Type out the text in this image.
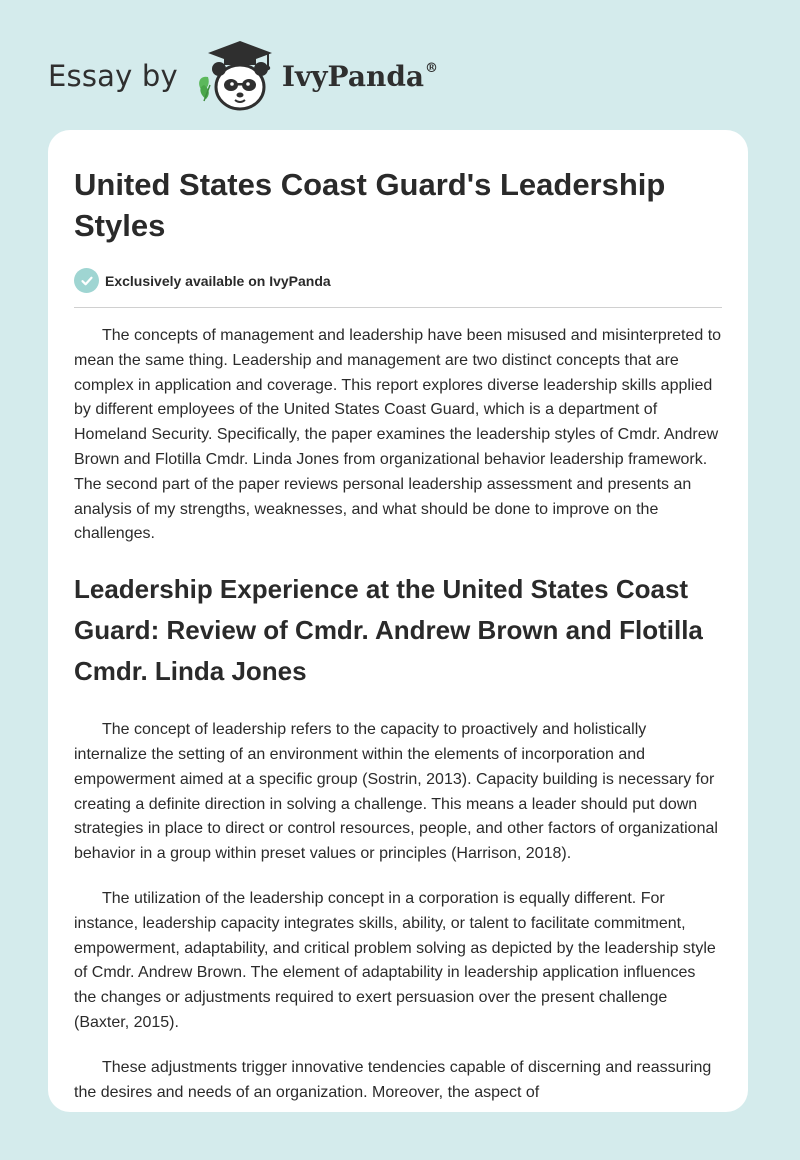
Essay by	IvyPanda®
United States Coast Guard's Leadership Styles
Exclusively available on IvyPanda

The concepts of management and leadership have been misused and misinterpreted to mean the same thing. Leadership and management are two distinct concepts that are complex in application and coverage. This report explores diverse leadership skills applied by different employees of the United States Coast Guard, which is a department of Homeland Security. Specifically, the paper examines the leadership styles of Cmdr. Andrew Brown and Flotilla Cmdr. Linda Jones from organizational behavior leadership framework. The second part of the paper reviews personal leadership assessment and presents an analysis of my strengths, weaknesses, and what should be done to improve on the challenges.

Leadership Experience at the United States Coast Guard: Review of Cmdr. Andrew Brown and Flotilla Cmdr. Linda Jones

The concept of leadership refers to the capacity to proactively and holistically internalize the setting of an environment within the elements of incorporation and empowerment aimed at a specific group (Sostrin, 2013). Capacity building is necessary for creating a definite direction in solving a challenge. This means a leader should put down strategies in place to direct or control resources, people, and other factors of organizational behavior in a group within preset values or principles (Harrison, 2018).

The utilization of the leadership concept in a corporation is equally different. For instance, leadership capacity integrates skills, ability, or talent to facilitate commitment, empowerment, adaptability, and critical problem solving as depicted by the leadership style of Cmdr. Andrew Brown. The element of adaptability in leadership application influences the changes or adjustments required to exert persuasion over the present challenge (Baxter, 2015).

These adjustments trigger innovative tendencies capable of discerning and reassuring the desires and needs of an organization. Moreover, the aspect of
